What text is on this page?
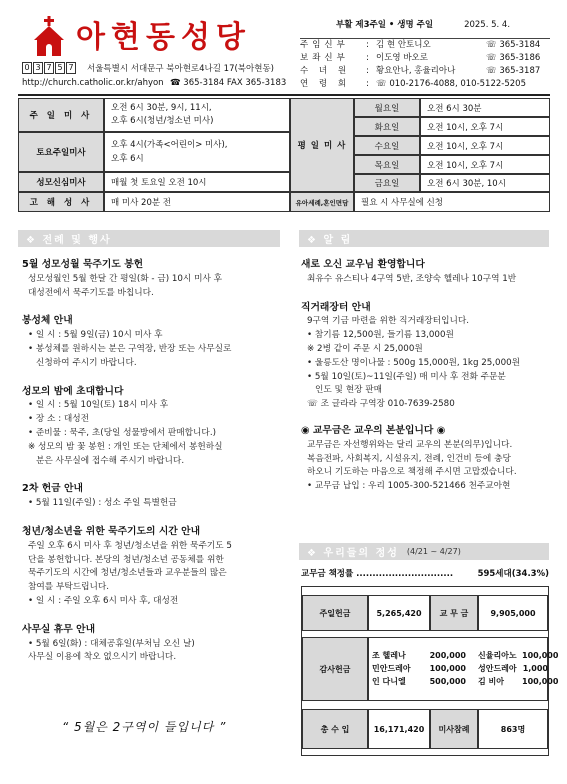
아현동성당
0 3 7 5 7 서울특별시 서대문구 북아현로4나길 17(북아현동)
http://church.catholic.or.kr/ahyon ☎ 365-3184 FAX 365-3183
부활 제3주일 • 생명 주일	2025. 5. 4.
주임신부	: 김 현 안토니오	☏ 365-3184
보좌신부	: 이도영 바오로	☏ 365-3186
수 녀 원	: 황요안나, 홍율리아나	☏ 365-3187
연 령 회	: ☏ 010-2176-4088, 010-5122-5205
주 일 미 사
오전 6시 30분, 9시, 11시,
오후 6시(청년/청소년 미사)
토요주일미사
오후 4시(가족<어린이> 미사),
오후 6시
성모신심미사	매월 첫 토요일 오전 10시
고 해 성 사	매 미사 20분 전
평 일 미 사
월요일	오전 6시 30분
화요일	오전 10시, 오후 7시
수요일	오전 10시, 오후 7시
목요일	오전 10시, 오후 7시
금요일	오전 6시 30분, 10시
유아세례,혼인면담	필요 시 사무실에 신청
❖ 전례 및 행사
5월 성모성월 묵주기도 봉헌

성모성월인 5월 한달 간 평일(화 - 금) 10시 미사 후

대성전에서 묵주기도를 바칩니다.

봉성체 안내

• 일 시 : 5월 9일(금) 10시 미사 후

• 봉성체를 원하시는 분은 구역장, 반장 또는 사무실로

신청하여 주시기 바랍니다.

성모의 밤에 초대합니다

• 일 시 : 5월 10일(토) 18시 미사 후

• 장 소 : 대성전

• 준비물 : 묵주, 초(당일 성물방에서 판매합니다.)

※ 성모의 밤 꽃 봉헌 : 개인 또는 단체에서 봉헌하실

분은 사무실에 접수해 주시기 바랍니다.

2차 헌금 안내

• 5월 11일(주일) : 성소 주일 특별헌금

청년/청소년을 위한 묵주기도의 시간 안내

주일 오후 6시 미사 후 청년/청소년을 위한 묵주기도 5

단을 봉헌합니다. 본당의 청년/청소년 공동체를 위한

묵주기도의 시간에 청년/청소년들과 교우분들의 많은

참여를 부탁드립니다.

• 일 시 : 주일 오후 6시 미사 후, 대성전

사무실 휴무 안내

• 5월 6일(화) : 대체공휴일(부처님 오신 날)

사무실 이용에 착오 없으시기 바랍니다.

“ 5월은 2구역이 들입니다 ”
❖ 알 림
새로 오신 교우님 환영합니다

최유수 유스티나 4구역 5반, 조양숙 헬레나 10구역 1반

직거래장터 안내

9구역 기금 마련을 위한 직거래장터입니다.

• 참기름 12,500원, 들기름 13,000원

※ 2병 같이 주문 시 25,000원

• 울릉도산 명이나물 : 500g 15,000원, 1kg 25,000원

• 5월 10일(토)~11일(주일) 매 미사 후 전화 주문분

인도 및 현장 판매

☏ 조 글라라 구역장 010-7639-2580

◉ 교무금은 교우의 본분입니다 ◉

교무금은 자선행위와는 달리 교우의 본분(의무)입니다.

복음전파, 사회복지, 시설유지, 전례, 인건비 등에 충당

하오니 기도하는 마음으로 책정해 주시면 고맙겠습니다.

• 교무금 납입 : 우리 1005-300-521466 천주교아현

❖ 우리들의 정성 (4/21 ~ 4/27)
교무금 책정률 ..............................	595세대(34.3%)
주일헌금	5,265,420	교 무 금	9,905,000
감사헌금
조 헬레나	200,000 신율리아노 100,000
민안드레아	100,000 성안드레아 1,000
인 다니엘	500,000 김 비아	100,000
총 수 입	16,171,420	미사참례	863명
